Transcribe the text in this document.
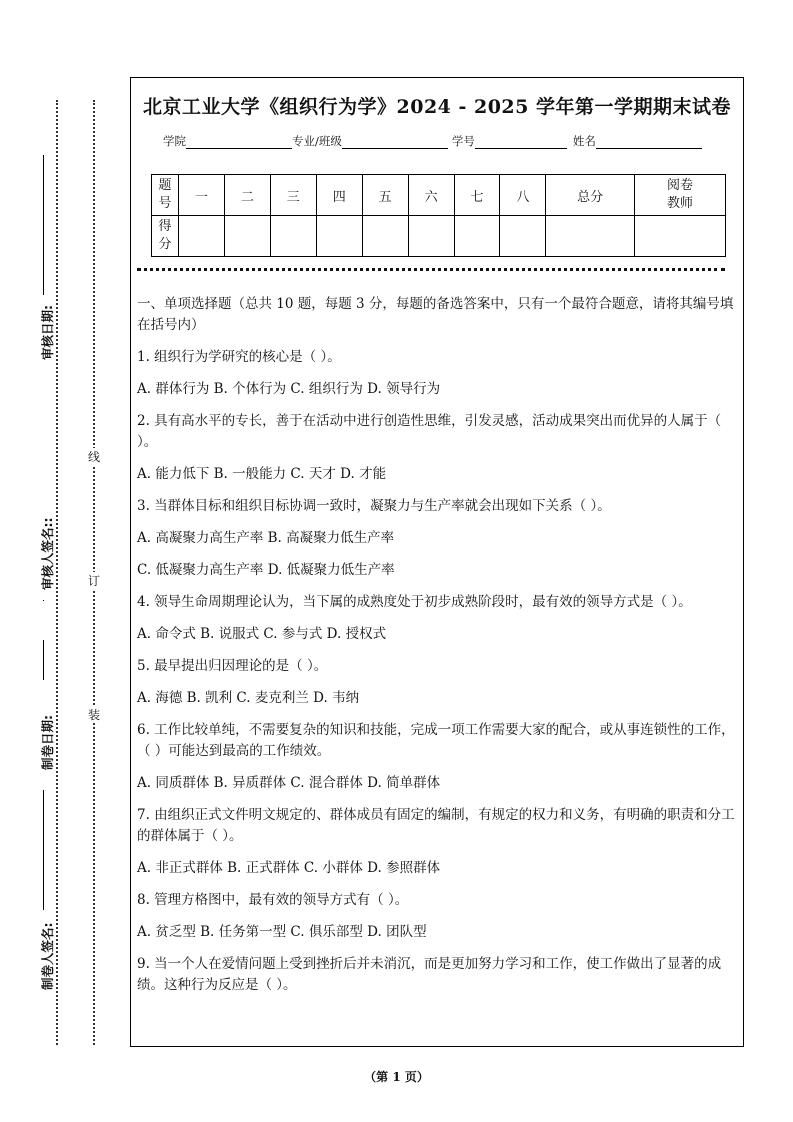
审核日期:
审核人签名::
制卷日期:
制卷人签名:
线
订
装
北京工业大学《组织行为学》2024 - 2025 学年第一学期期末试卷
学院	专业/班级	学号	姓名
题号	一	二	三	四	五	六	七	八	总分	阅卷教师
得分										

一、单项选择题（总共 10 题，每题 3 分，每题的备选答案中，只有一个最符合题意，请将其编号填在括号内）

1. 组织行为学研究的核心是（ ）。

A. 群体行为 B. 个体行为 C. 组织行为 D. 领导行为

2. 具有高水平的专长，善于在活动中进行创造性思维，引发灵感，活动成果突出而优异的人属于（ ）。

A. 能力低下 B. 一般能力 C. 天才 D. 才能

3. 当群体目标和组织目标协调一致时，凝聚力与生产率就会出现如下关系（ ）。

A. 高凝聚力高生产率 B. 高凝聚力低生产率

C. 低凝聚力高生产率 D. 低凝聚力低生产率

4. 领导生命周期理论认为，当下属的成熟度处于初步成熟阶段时，最有效的领导方式是（ ）。

A. 命令式 B. 说服式 C. 参与式 D. 授权式

5. 最早提出归因理论的是（ ）。

A. 海德 B. 凯利 C. 麦克利兰 D. 韦纳

6. 工作比较单纯，不需要复杂的知识和技能，完成一项工作需要大家的配合，或从事连锁性的工作，（ ）可能达到最高的工作绩效。

A. 同质群体 B. 异质群体 C. 混合群体 D. 简单群体

7. 由组织正式文件明文规定的、群体成员有固定的编制，有规定的权力和义务，有明确的职责和分工的群体属于（ ）。

A. 非正式群体 B. 正式群体 C. 小群体 D. 参照群体

8. 管理方格图中，最有效的领导方式有（ ）。

A. 贫乏型 B. 任务第一型 C. 俱乐部型 D. 团队型

9. 当一个人在爱情问题上受到挫折后并未消沉，而是更加努力学习和工作，使工作做出了显著的成绩。这种行为反应是（ ）。

（第 1 页）
